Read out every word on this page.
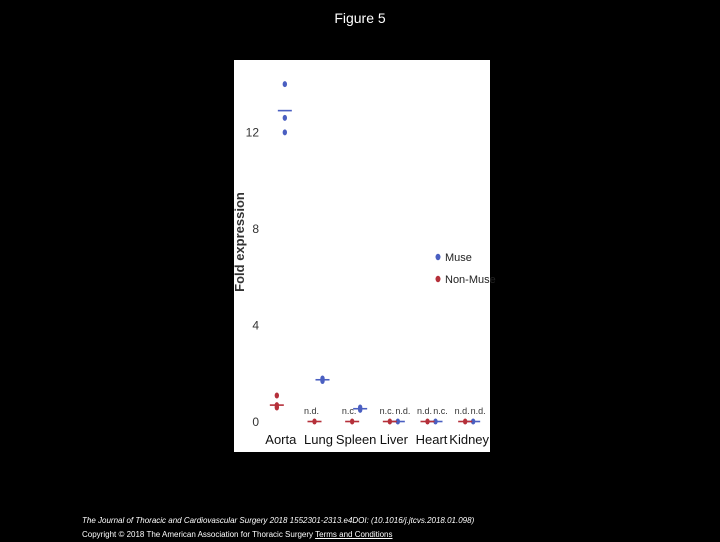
Figure 5
Fold expression
0
4
8
12
Aorta Lung Spleen Liver Heart Kidney
n.d.	n.c.	n.c. n.d. n.d. n.c. n.d. n.d.
Muse
Non-Muse
The Journal of Thoracic and Cardiovascular Surgery 2018 1552301-2313.e4DOI: (10.1016/j.jtcvs.2018.01.098)
Copyright © 2018 The American Association for Thoracic Surgery Terms and Conditions
